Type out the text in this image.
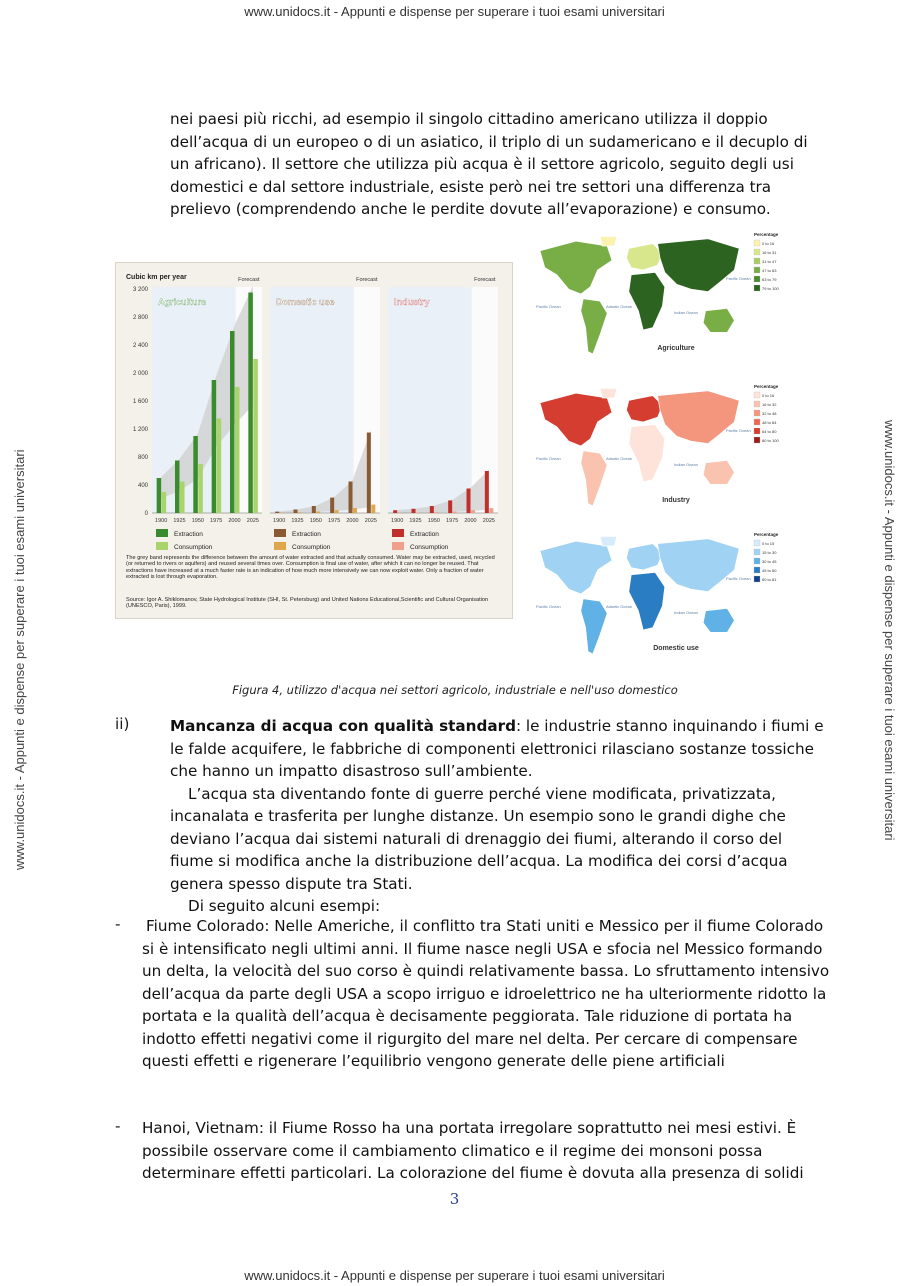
www.unidocs.it - Appunti e dispense per superare i tuoi esami universitari
www.unidocs.it - Appunti e dispense per superare i tuoi esami universitari	www.unidocs.it - Appunti e dispense per superare i tuoi esami universitari
nei paesi più ricchi, ad esempio il singolo cittadino americano utilizza il doppio dell’acqua di un europeo o di un asiatico, il triplo di un sudamericano e il decuplo di un africano). Il settore che utilizza più acqua è il settore agricolo, seguito degli usi domestici e dal settore industriale, esiste però nei tre settori una differenza tra prelievo (comprendendo anche le perdite dovute all’evaporazione) e consumo.
Cubic km per year
3 200
2 800
2 400
2 000
1 600
1 200
800
400
0
Forecast
Agriculture
1900 1925 1950 1975 2000 2025
Forecast
Domestic use
1900 1925 1950 1975 2000 2025
Forecast
Industry
1900 1925 1950 1975 2000 2025
Extraction
Consumption
Extraction
Consumption
Extraction
Consumption
The grey band represents the difference between the amount of water extracted and that actually consumed. Water may be extracted, used, recycled (or returned to rivers or aquifers) and reused several times over. Consumption is final use of water, after which it can no longer be reused. That extractions have increased at a much faster rate is an indication of how much more intensively we can now exploit water. Only a fraction of water extracted is lost through evaporation.
Source: Igor A. Shiklomanov, State Hydrological Institute (SHI, St. Petersburg) and United Nations Educational,Scientific and Cultural Organisation (UNESCO, Paris), 1999.
Agriculture
Pacific Ocean	Atlantic Ocean
Indian Ocean
Pacific Ocean
Percentage
0 to 16
16 to 31
31 to 47
47 to 63
63 to 79
79 to 100
Industry
Pacific Ocean	Atlantic Ocean
Indian Ocean
Pacific Ocean
Percentage
0 to 16
16 to 32
32 to 48
48 to 64
64 to 80
80 to 100
Domestic use
Pacific Ocean	Atlantic Ocean
Indian Ocean
Pacific Ocean
Percentage
0 to 15
15 to 30
30 to 45
45 to 60
60 to 81
Figura 4, utilizzo d'acqua nei settori agricolo, industriale e nell'uso domestico
ii)	Mancanza di acqua con qualità standard: le industrie stanno inquinando i fiumi e le falde acquifere, le fabbriche di componenti elettronici rilasciano sostanze tossiche che hanno un impatto disastroso sull’ambiente.
L’acqua sta diventando fonte di guerre perché viene modificata, privatizzata, incanalata e trasferita per lunghe distanze. Un esempio sono le grandi dighe che deviano l’acqua dai sistemi naturali di drenaggio dei fiumi, alterando il corso del fiume si modifica anche la distribuzione dell’acqua. La modifica dei corsi d’acqua genera spesso dispute tra Stati.
Di seguito alcuni esempi:
- Fiume Colorado: Nelle Americhe, il conflitto tra Stati uniti e Messico per il fiume Colorado si è intensificato negli ultimi anni. Il fiume nasce negli USA e sfocia nel Messico formando un delta, la velocità del suo corso è quindi relativamente bassa. Lo sfruttamento intensivo dell’acqua da parte degli USA a scopo irriguo e idroelettrico ne ha ulteriormente ridotto la portata e la qualità dell’acqua è decisamente peggiorata. Tale riduzione di portata ha indotto effetti negativi come il rigurgito del mare nel delta. Per cercare di compensare questi effetti e rigenerare l’equilibrio vengono generate delle piene artificiali
- Hanoi, Vietnam: il Fiume Rosso ha una portata irregolare soprattutto nei mesi estivi. È possibile osservare come il cambiamento climatico e il regime dei monsoni possa determinare effetti particolari. La colorazione del fiume è dovuta alla presenza di solidi
3
www.unidocs.it - Appunti e dispense per superare i tuoi esami universitari
